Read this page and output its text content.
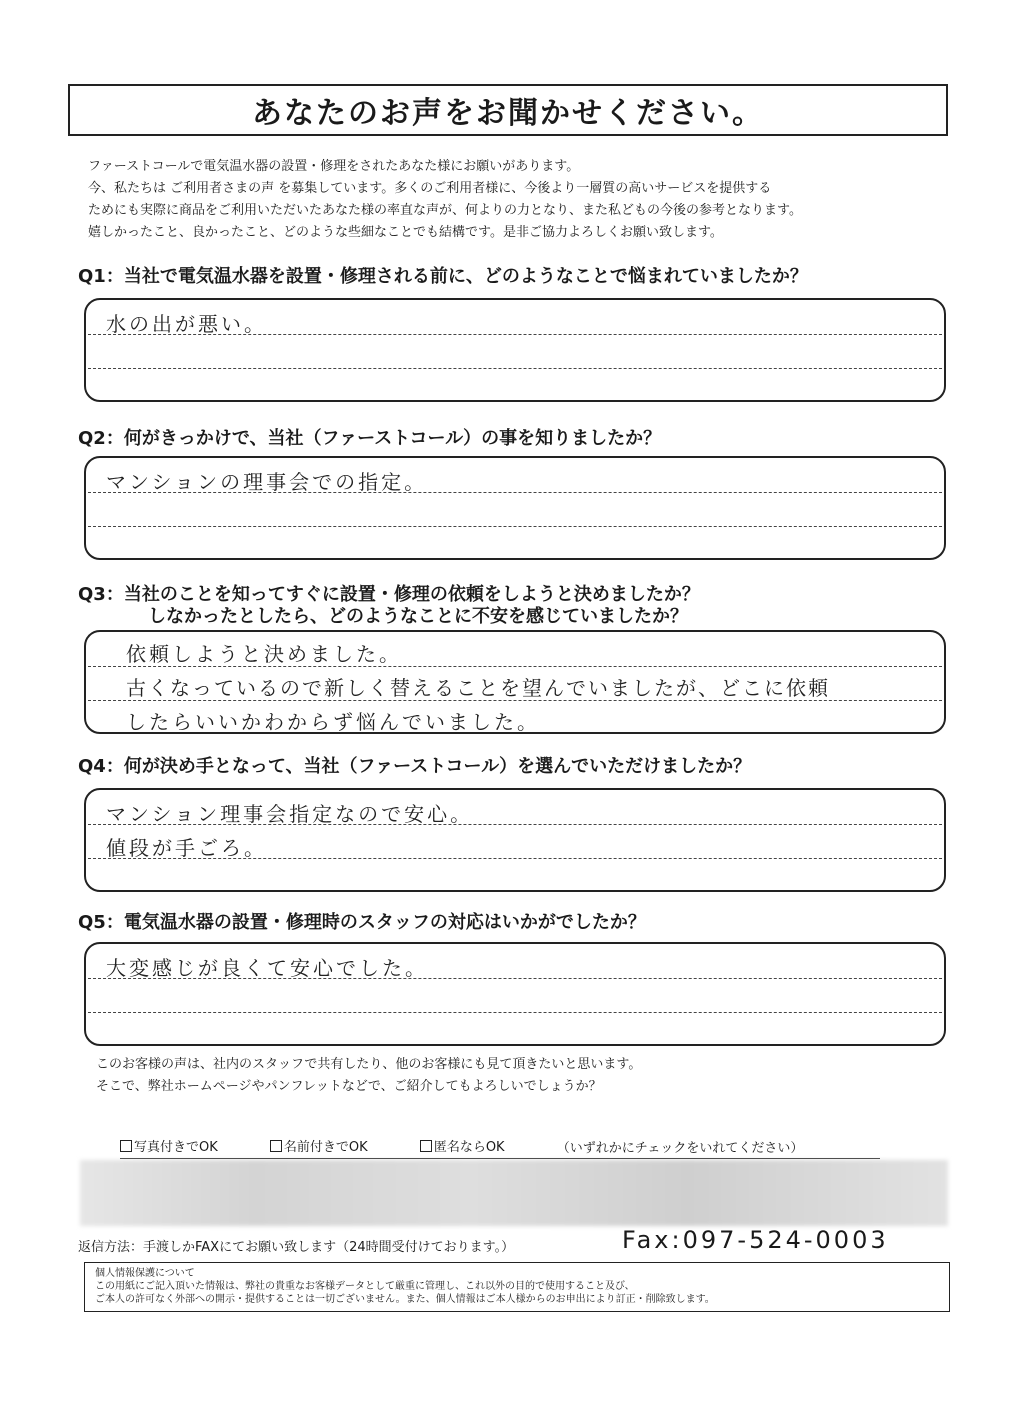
あなたのお声をお聞かせください。
ファーストコールで電気温水器の設置・修理をされたあなた様にお願いがあります。
今、私たちは ご利用者さまの声 を募集しています。多くのご利用者様に、今後より一層質の高いサービスを提供する
ためにも実際に商品をご利用いただいたあなた様の率直な声が、何よりの力となり、また私どもの今後の参考となります。
嬉しかったこと、良かったこと、どのような些細なことでも結構です。是非ご協力よろしくお願い致します。
Q1：当社で電気温水器を設置・修理される前に、どのようなことで悩まれていましたか？
水の出が悪い。
Q2：何がきっかけで、当社（ファーストコール）の事を知りましたか？
マンションの理事会での指定。
Q3：当社のことを知ってすぐに設置・修理の依頼をしようと決めましたか？
しなかったとしたら、どのようなことに不安を感じていましたか？
依頼しようと決めました。
古くなっているので新しく替えることを望んでいましたが、どこに依頼
したらいいかわからず悩んでいました。
Q4：何が決め手となって、当社（ファーストコール）を選んでいただけましたか？
マンション理事会指定なので安心。
値段が手ごろ。
Q5：電気温水器の設置・修理時のスタッフの対応はいかがでしたか？
大変感じが良くて安心でした。
このお客様の声は、社内のスタッフで共有したり、他のお客様にも見て頂きたいと思います。
そこで、弊社ホームページやパンフレットなどで、ご紹介してもよろしいでしょうか？
写真付きでOK
	名前付きでOK
	匿名ならOK	（いずれかにチェックをいれてください）
返信方法：手渡しかFAXにてお願い致します（24時間受付けております。）	Fax:097-524-0003
個人情報保護について
この用紙にご記入頂いた情報は、弊社の貴重なお客様データとして厳重に管理し、これ以外の目的で使用すること及び、
ご本人の許可なく外部への開示・提供することは一切ございません。また、個人情報はご本人様からのお申出により訂正・削除致します。
